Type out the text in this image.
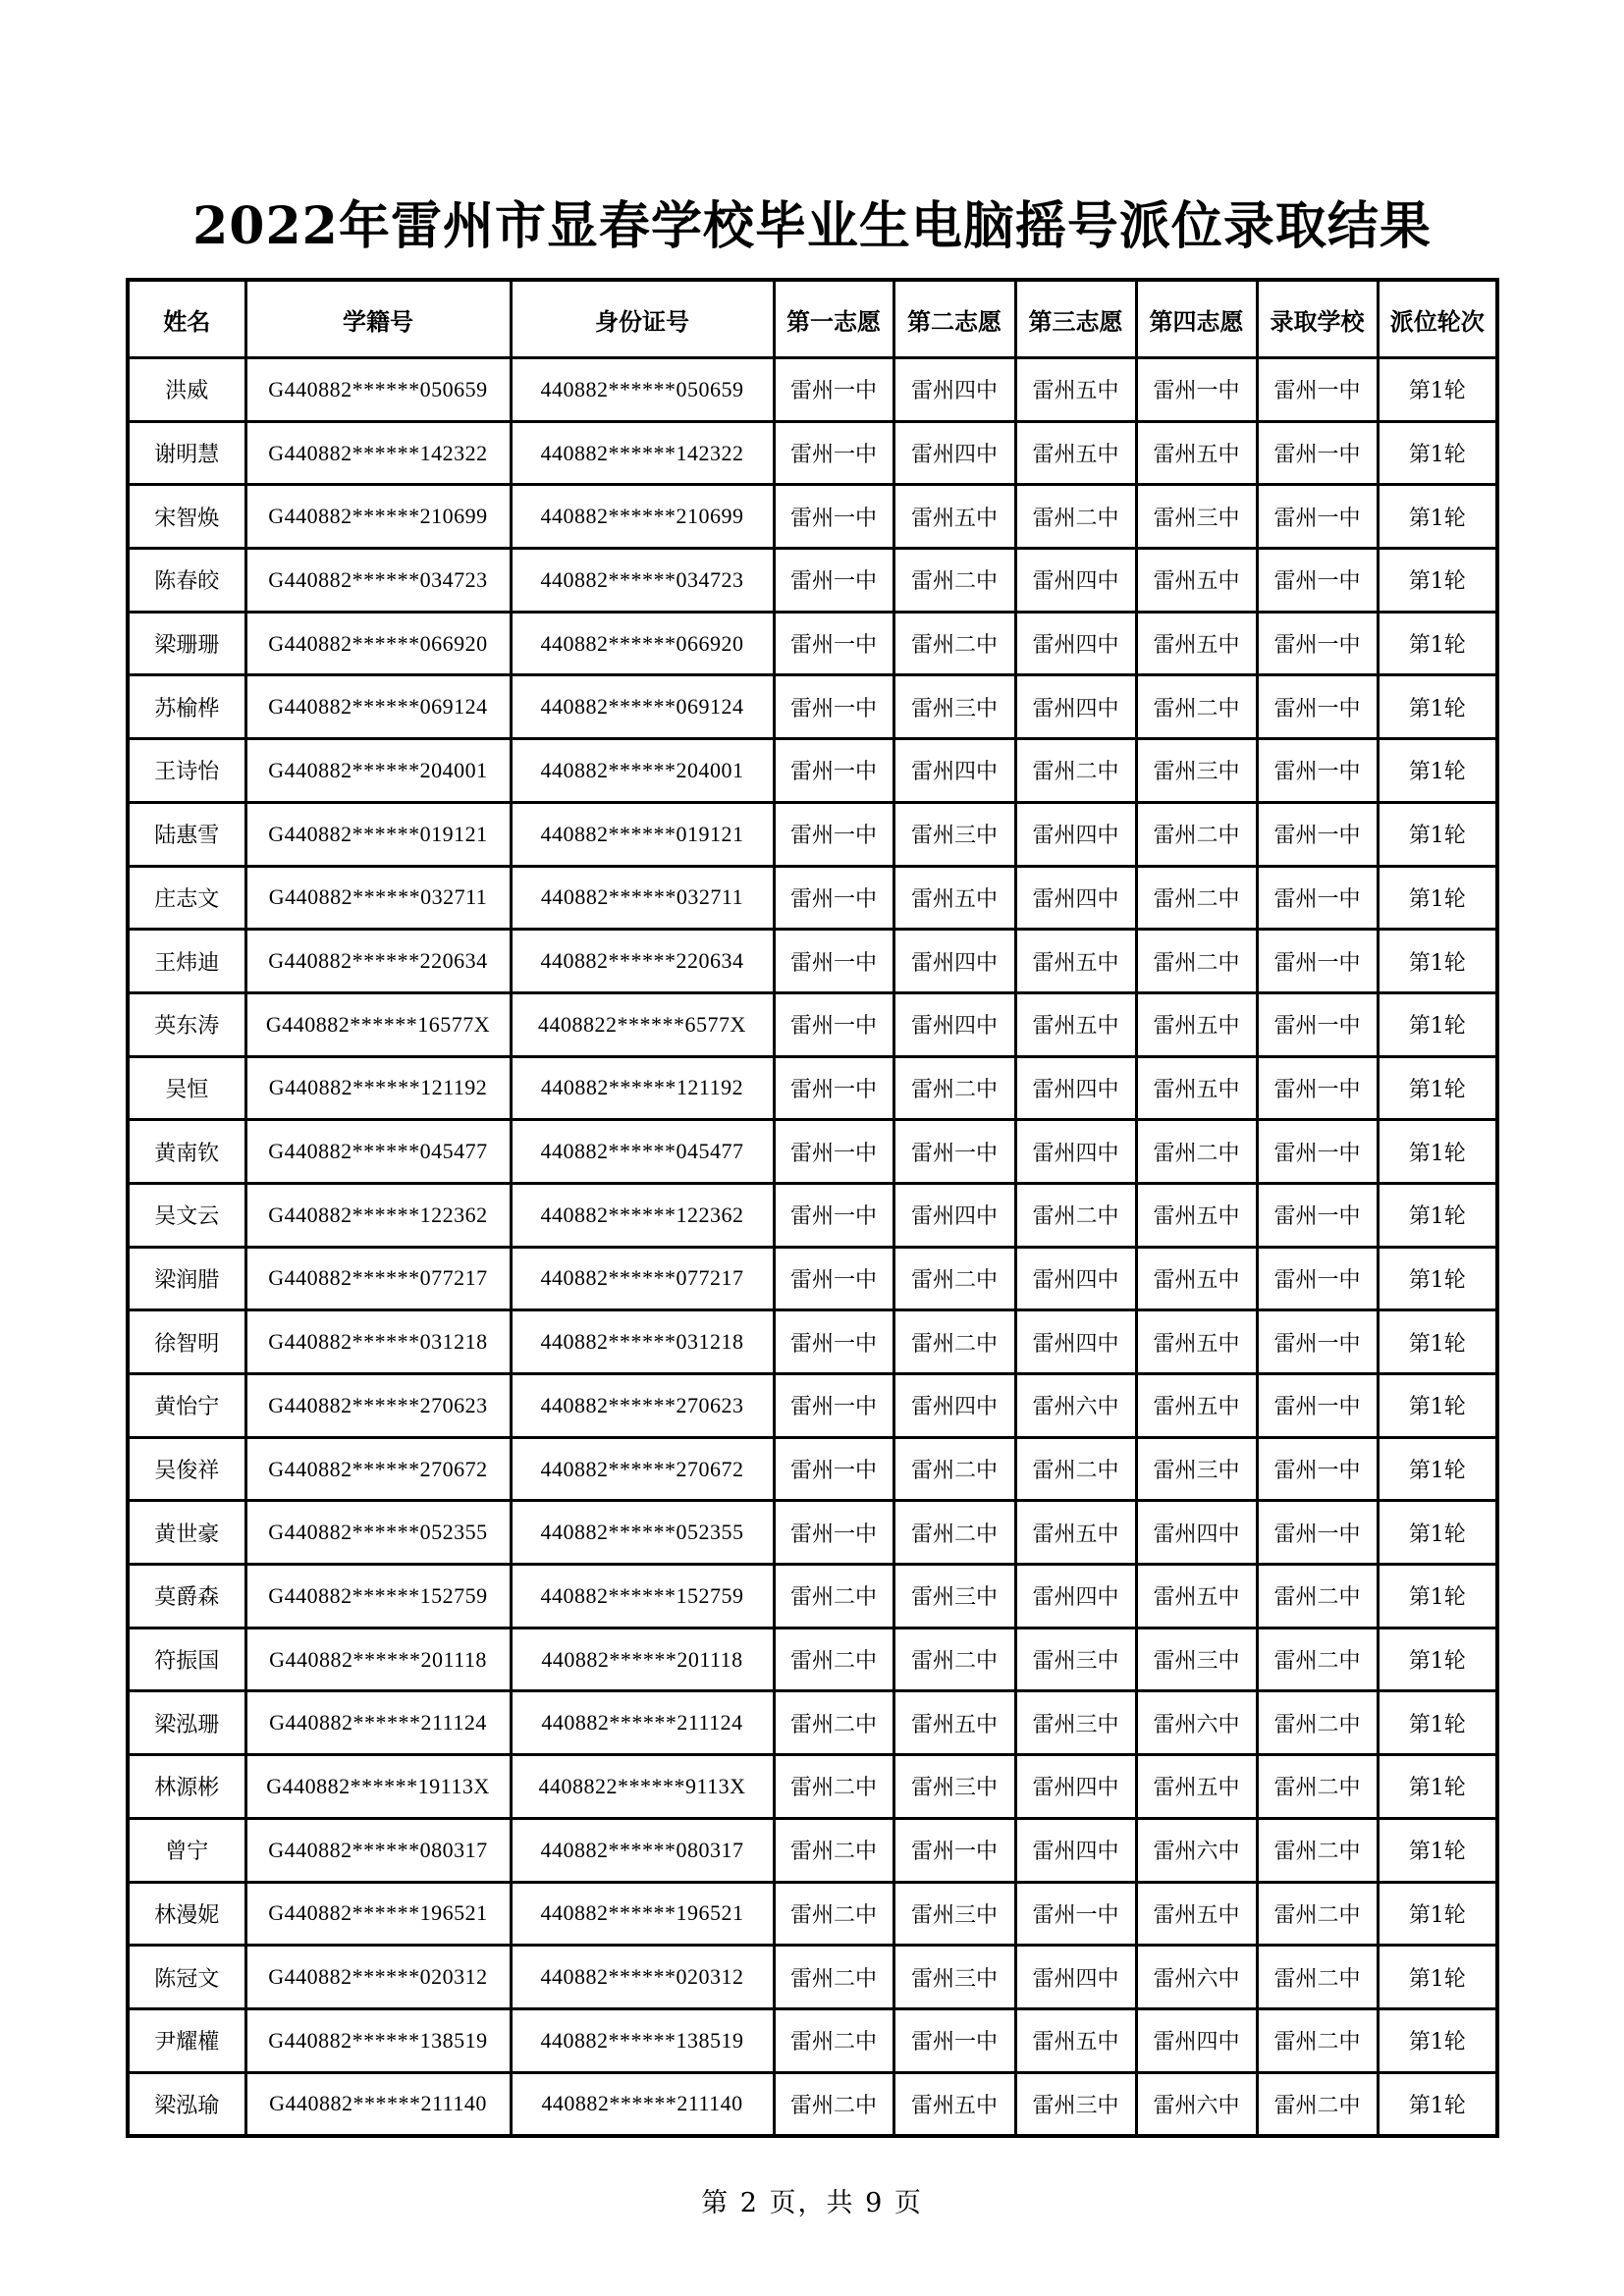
2022年雷州市显春学校毕业生电脑摇号派位录取结果
姓名	学籍号	身份证号	第一志愿	第二志愿	第三志愿	第四志愿	录取学校	派位轮次
洪威	G440882******050659	440882******050659	雷州一中	雷州四中	雷州五中	雷州一中	雷州一中	第1轮
谢明慧	G440882******142322	440882******142322	雷州一中	雷州四中	雷州五中	雷州五中	雷州一中	第1轮
宋智焕	G440882******210699	440882******210699	雷州一中	雷州五中	雷州二中	雷州三中	雷州一中	第1轮
陈春皎	G440882******034723	440882******034723	雷州一中	雷州二中	雷州四中	雷州五中	雷州一中	第1轮
梁珊珊	G440882******066920	440882******066920	雷州一中	雷州二中	雷州四中	雷州五中	雷州一中	第1轮
苏榆桦	G440882******069124	440882******069124	雷州一中	雷州三中	雷州四中	雷州二中	雷州一中	第1轮
王诗怡	G440882******204001	440882******204001	雷州一中	雷州四中	雷州二中	雷州三中	雷州一中	第1轮
陆惠雪	G440882******019121	440882******019121	雷州一中	雷州三中	雷州四中	雷州二中	雷州一中	第1轮
庄志文	G440882******032711	440882******032711	雷州一中	雷州五中	雷州四中	雷州二中	雷州一中	第1轮
王炜迪	G440882******220634	440882******220634	雷州一中	雷州四中	雷州五中	雷州二中	雷州一中	第1轮
英东涛	G440882******16577X	4408822******6577X	雷州一中	雷州四中	雷州五中	雷州五中	雷州一中	第1轮
吴恒	G440882******121192	440882******121192	雷州一中	雷州二中	雷州四中	雷州五中	雷州一中	第1轮
黄南钦	G440882******045477	440882******045477	雷州一中	雷州一中	雷州四中	雷州二中	雷州一中	第1轮
吴文云	G440882******122362	440882******122362	雷州一中	雷州四中	雷州二中	雷州五中	雷州一中	第1轮
梁润腊	G440882******077217	440882******077217	雷州一中	雷州二中	雷州四中	雷州五中	雷州一中	第1轮
徐智明	G440882******031218	440882******031218	雷州一中	雷州二中	雷州四中	雷州五中	雷州一中	第1轮
黄怡宁	G440882******270623	440882******270623	雷州一中	雷州四中	雷州六中	雷州五中	雷州一中	第1轮
吴俊祥	G440882******270672	440882******270672	雷州一中	雷州二中	雷州二中	雷州三中	雷州一中	第1轮
黄世豪	G440882******052355	440882******052355	雷州一中	雷州二中	雷州五中	雷州四中	雷州一中	第1轮
莫爵森	G440882******152759	440882******152759	雷州二中	雷州三中	雷州四中	雷州五中	雷州二中	第1轮
符振国	G440882******201118	440882******201118	雷州二中	雷州二中	雷州三中	雷州三中	雷州二中	第1轮
梁泓珊	G440882******211124	440882******211124	雷州二中	雷州五中	雷州三中	雷州六中	雷州二中	第1轮
林源彬	G440882******19113X	4408822******9113X	雷州二中	雷州三中	雷州四中	雷州五中	雷州二中	第1轮
曾宁	G440882******080317	440882******080317	雷州二中	雷州一中	雷州四中	雷州六中	雷州二中	第1轮
林漫妮	G440882******196521	440882******196521	雷州二中	雷州三中	雷州一中	雷州五中	雷州二中	第1轮
陈冠文	G440882******020312	440882******020312	雷州二中	雷州三中	雷州四中	雷州六中	雷州二中	第1轮
尹耀權	G440882******138519	440882******138519	雷州二中	雷州一中	雷州五中	雷州四中	雷州二中	第1轮
梁泓瑜	G440882******211140	440882******211140	雷州二中	雷州五中	雷州三中	雷州六中	雷州二中	第1轮
第 2 页，共 9 页
